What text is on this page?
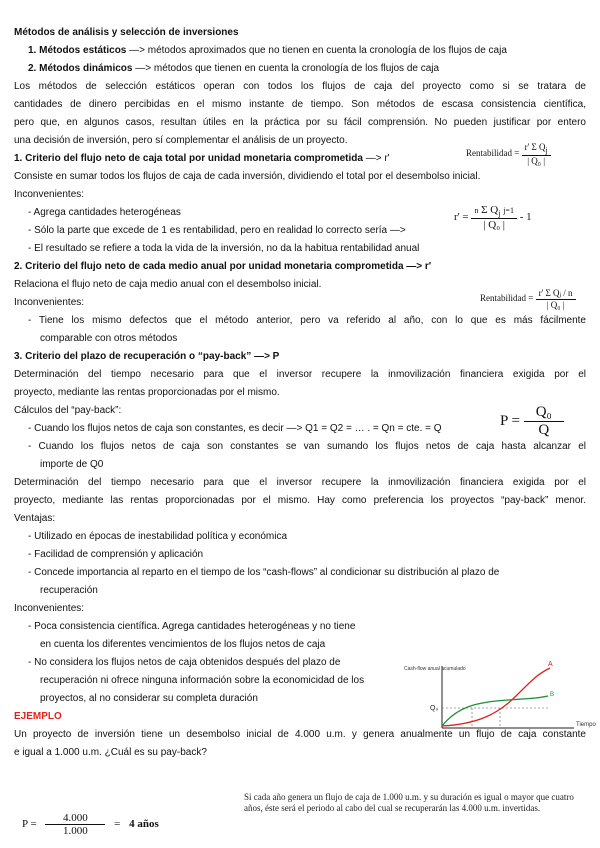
Métodos de análisis y selección de inversiones
1. Métodos estáticos —> métodos aproximados que no tienen en cuenta la cronología de los flujos de caja
2. Métodos dinámicos —> métodos que tienen en cuenta la cronología de los flujos de caja
Los métodos de selección estáticos operan con todos los flujos de caja del proyecto como si se tratara de
cantidades de dinero percibidas en el mismo instante de tiempo. Son métodos de escasa consistencia científica,
pero que, en algunos casos, resultan útiles en la práctica por su fácil comprensión. No pueden justificar por entero
una decisión de inversión, pero sí complementar el análisis de un proyecto.
1. Criterio del flujo neto de caja total por unidad monetaria comprometida —> r'
Consiste en sumar todos los flujos de caja de cada inversión, dividiendo el total por el desembolso inicial.
Inconvenientes:
- Agrega cantidades heterogéneas
- Sólo la parte que excede de 1 es rentabilidad, pero en realidad lo correcto sería —>
- El resultado se refiere a toda la vida de la inversión, no da la habitua rentabilidad anual
2. Criterio del flujo neto de cada medio anual por unidad monetaria comprometida —> r'
Relaciona el flujo neto de caja medio anual con el desembolso inicial.
Inconvenientes:
- Tiene los mismo defectos que el método anterior, pero va referido al año, con lo que es más fácilmente
comparable con otros métodos
3. Criterio del plazo de recuperación o “pay-back” —> P
Determinación del tiempo necesario para que el inversor recupere la inmovilización financiera exigida por el
proyecto, mediante las rentas proporcionadas por el mismo.
Cálculos del “pay-back”:
- Cuando los flujos netos de caja son constantes, es decir —> Q1 = Q2 = … . = Qn = cte. = Q
- Cuando los flujos netos de caja son constantes se van sumando los flujos netos de caja hasta alcanzar el
importe de Q0
Determinación del tiempo necesario para que el inversor recupere la inmovilización financiera exigida por el
proyecto, mediante las rentas proporcionadas por el mismo. Hay como preferencia los proyectos “pay-back” menor.
Ventajas:
- Utilizado en épocas de inestabilidad política y económica
- Facilidad de comprensión y aplicación
- Concede importancia al reparto en el tiempo de los “cash-flows” al condicionar su distribución al plazo de
recuperación
Inconvenientes:
- Poca consistencia científica. Agrega cantidades heterogéneas y no tiene
en cuenta los diferentes vencimientos de los flujos netos de caja
- No considera los flujos netos de caja obtenidos después del plazo de
recuperación ni ofrece ninguna información sobre la economicidad de los
proyectos, al no considerar su completa duración
EJEMPLO
Un proyecto de inversión tiene un desembolso inicial de 4.000 u.m. y genera anualmente un flujo de caja constante
e igual a 1.000 u.m. ¿Cuál es su pay-back?
Rentabilidad = $\frac{r' \Sigma Q_j}{\text{| Q₀ |}}$
$r' = \frac{n \Sigma Q_j j=1}{\text{| Q₀ |}} - 1$
Rentabilidad = $\frac{\text{r' Σ Qⱼ / n}}{\text{| Q₀ |}}$
$P = \frac{\text{Q₀}}{Q}$
Cash-flow anual acumulado
Tiempo
Q₀
A
B
Si cada año genera un flujo de caja de 1.000 u.m. y su duración es igual o mayor que cuatro años, éste será el periodo al cabo del cual se recuperarán las 4.000 u.m. invertidas.
$P = \frac{4.000}{1.000} = 4$ años
